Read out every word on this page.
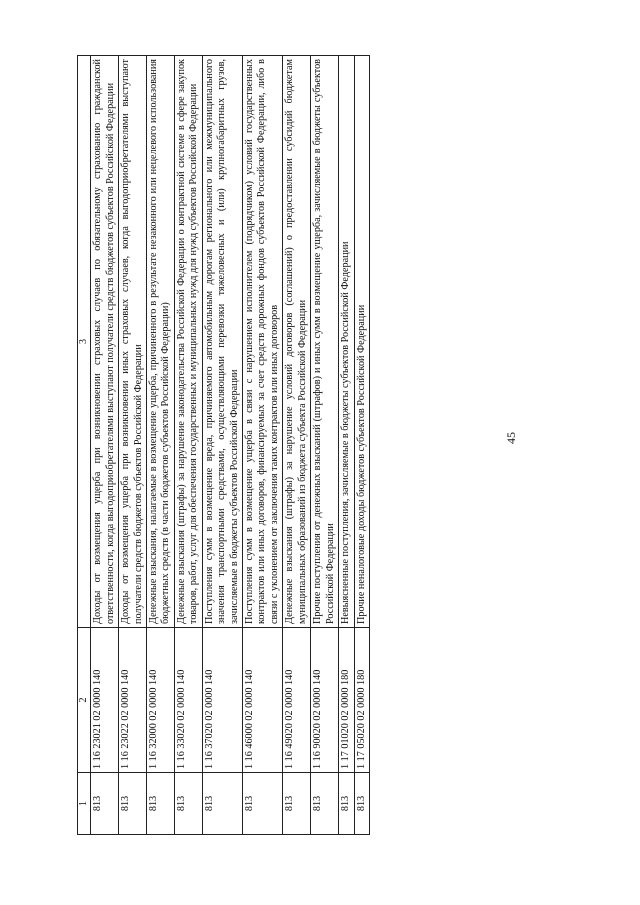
45
1	2	3
813	1 16 23021 02 0000 140	Доходы от возмещения ущерба при возникновении страховых случаев по обязательному страхованию гражданской ответственности, когда выгодоприобретателями выступают получатели средств бюджетов субъектов Российской Федерации
813	1 16 23022 02 0000 140	Доходы от возмещения ущерба при возникновении иных страховых случаев, когда выгодоприобретателями выступают получатели средств бюджетов субъектов Российской Федерации
813	1 16 32000 02 0000 140	Денежные взыскания, налагаемые в возмещение ущерба, причиненного в результате незаконного или нецелевого использования бюджетных средств (в части бюджетов субъектов Российской Федерации)
813	1 16 33020 02 0000 140	Денежные взыскания (штрафы) за нарушение законодательства Российской Федерации о контрактной системе в сфере закупок товаров, работ, услуг для обеспечения государственных и муниципальных нужд для нужд субъектов Российской Федерации
813	1 16 37020 02 0000 140	Поступления сумм в возмещение вреда, причиняемого автомобильным дорогам регионального или межмуниципального значения транспортными средствами, осуществляющими перевозки тяжеловесных и (или) крупногабаритных грузов, зачисляемые в бюджеты субъектов Российской Федерации
813	1 16 46000 02 0000 140	Поступления сумм в возмещение ущерба в связи с нарушением исполнителем (подрядчиком) условий государственных контрактов или иных договоров, финансируемых за счет средств дорожных фондов субъектов Российской Федерации, либо в связи с уклонением от заключения таких контрактов или иных договоров
813	1 16 49020 02 0000 140	Денежные взыскания (штрафы) за нарушение условий договоров (соглашений) о предоставлении субсидий бюджетам муниципальных образований из бюджета субъекта Российской Федерации
813	1 16 90020 02 0000 140	Прочие поступления от денежных взысканий (штрафов) и иных сумм в возмещение ущерба, зачисляемые в бюджеты субъектов Российской Федерации
813	1 17 01020 02 0000 180	Невыясненные поступления, зачисляемые в бюджеты субъектов Российской Федерации
813	1 17 05020 02 0000 180	Прочие неналоговые доходы бюджетов субъектов Российской Федерации
